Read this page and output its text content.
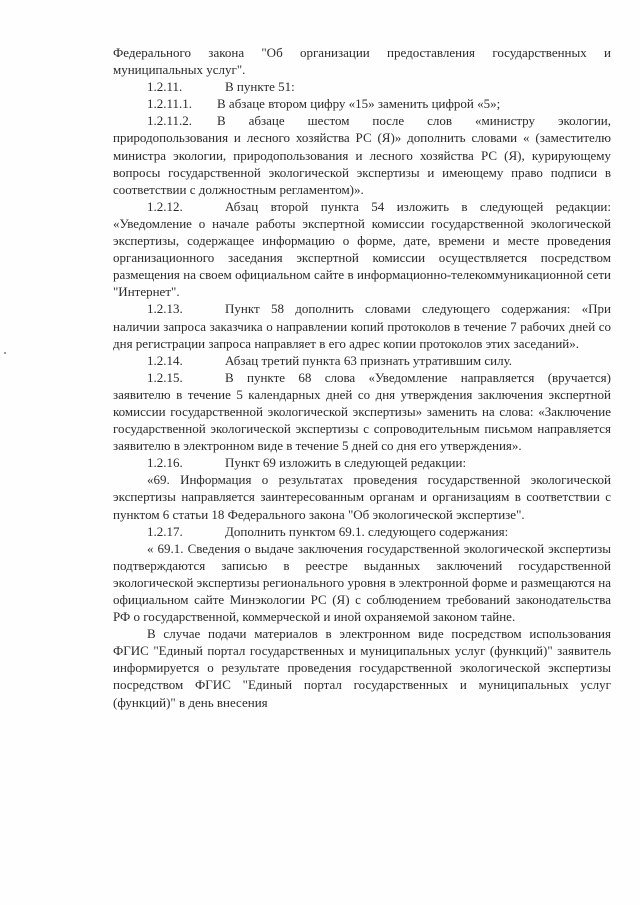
Федерального закона "Об организации предоставления государственных и муниципальных услуг".

1.2.11.	В пункте 51:

1.2.11.1. В абзаце втором цифру «15» заменить цифрой «5»;

1.2.11.2. В абзаце шестом после слов «министру экологии, природопользования и лесного хозяйства РС (Я)» дополнить словами « (заместителю министра экологии, природопользования и лесного хозяйства РС (Я), курирующему вопросы государственной экологической экспертизы и имеющему право подписи в соответствии с должностным регламентом)».

1.2.12.	Абзац второй пункта 54 изложить в следующей редакции: «Уведомление о начале работы экспертной комиссии государственной экологической экспертизы, содержащее информацию о форме, дате, времени и месте проведения организационного заседания экспертной комиссии осуществляется посредством размещения на своем официальном сайте в информационно-телекоммуникационной сети "Интернет".

1.2.13.	Пункт 58 дополнить словами следующего содержания: «При наличии запроса заказчика о направлении копий протоколов в течение 7 рабочих дней со дня регистрации запроса направляет в его адрес копии протоколов этих заседаний».

1.2.14.	Абзац третий пункта 63 признать утратившим силу.

1.2.15.	В пункте 68 слова «Уведомление направляется (вручается) заявителю в течение 5 календарных дней со дня утверждения заключения экспертной комиссии государственной экологической экспертизы» заменить на слова: «Заключение государственной экологической экспертизы с сопроводительным письмом направляется заявителю в электронном виде в течение 5 дней со дня его утверждения».

1.2.16.	Пункт 69 изложить в следующей редакции:

«69. Информация о результатах проведения государственной экологической экспертизы направляется заинтересованным органам и организациям в соответствии с пунктом 6 статьи 18 Федерального закона "Об экологической экспертизе".

1.2.17.	Дополнить пунктом 69.1. следующего содержания:

« 69.1. Сведения о выдаче заключения государственной экологической экспертизы подтверждаются записью в реестре выданных заключений государственной экологической экспертизы регионального уровня в электронной форме и размещаются на официальном сайте Минэкологии РС (Я) с соблюдением требований законодательства РФ о государственной, коммерческой и иной охраняемой законом тайне.

В случае подачи материалов в электронном виде посредством использования ФГИС "Единый портал государственных и муниципальных услуг (функций)" заявитель информируется о результате проведения государственной экологической экспертизы посредством ФГИС "Единый портал государственных и муниципальных услуг (функций)" в день внесения
